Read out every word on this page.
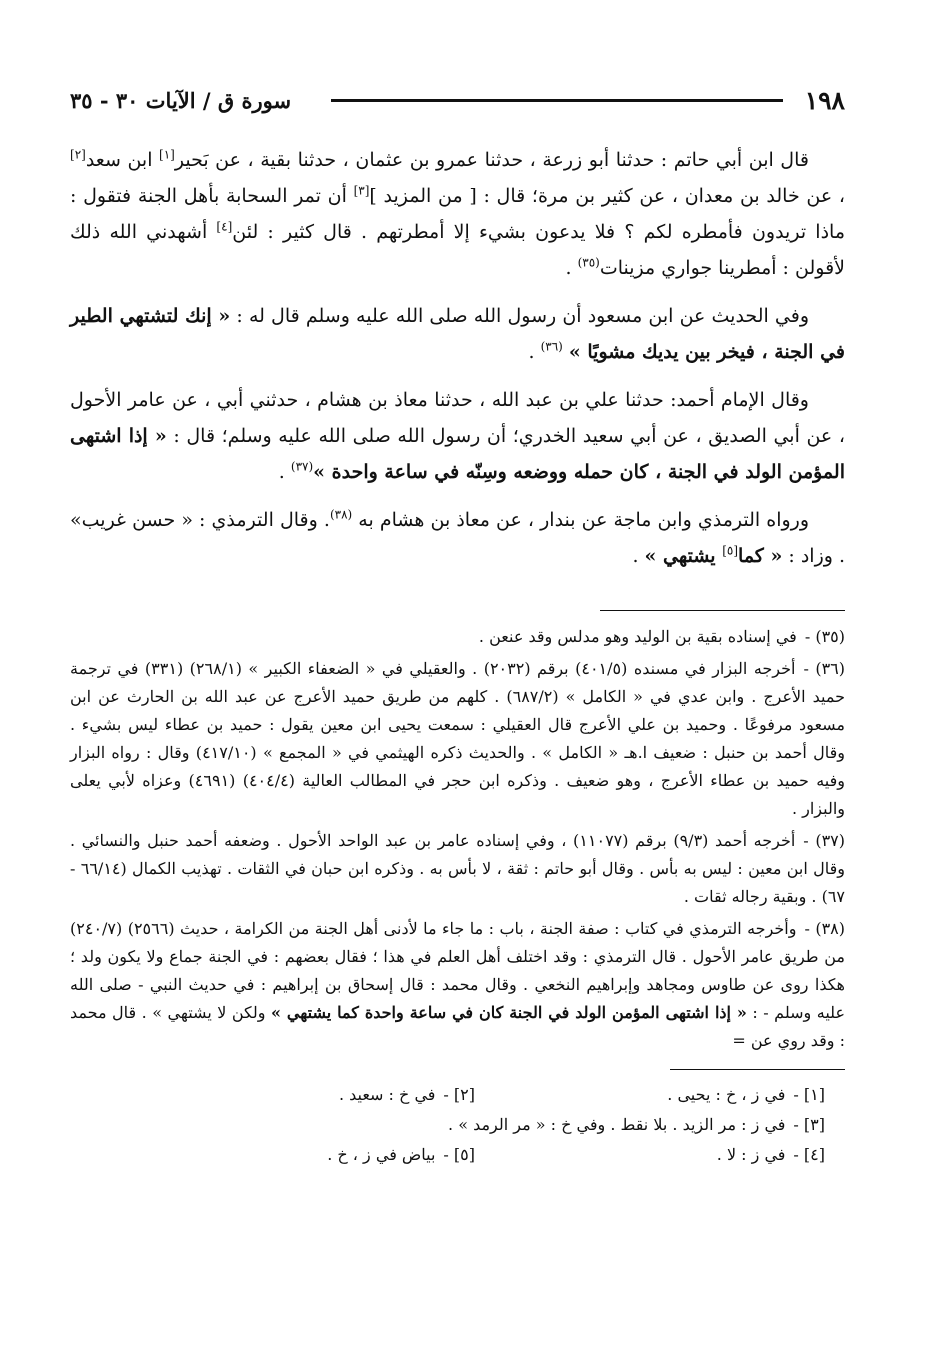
١٩٨
سورة ق / الآيات ٣٠ - ٣٥

قال ابن أبي حاتم : حدثنا أبو زرعة ، حدثنا عمرو بن عثمان ، حدثنا بقية ، عن بَحير[١] ابن سعد[٢] ، عن خالد بن معدان ، عن كثير بن مرة؛ قال : [ من المزيد ][٣] أن تمر السحابة بأهل الجنة فتقول : ماذا تريدون فأمطره لكم ؟ فلا يدعون بشيء إلا أمطرتهم . قال كثير : لئن[٤] أشهدني الله ذلك لأقولن : أمطرينا جواري مزينات$^{(٣٥)}$ .

وفي الحديث عن ابن مسعود أن رسول الله صلى الله عليه وسلم قال له : « إنك لتشتهي الطير في الجنة ، فيخر بين يديك مشويًا » $^{(٣٦)}$ .

وقال الإمام أحمد: حدثنا علي بن عبد الله ، حدثنا معاذ بن هشام ، حدثني أبي ، عن عامر الأحول ، عن أبي الصديق ، عن أبي سعيد الخدري؛ أن رسول الله صلى الله عليه وسلم؛ قال : « إذا اشتهى المؤمن الولد في الجنة ، كان حمله ووضعه وسِنّه في ساعة واحدة »$^{(٣٧)}$ .

ورواه الترمذي وابن ماجة عن بندار ، عن معاذ بن هشام به $^{(٣٨)}$. وقال الترمذي : « حسن غريب» . وزاد : « كما[٥] يشتهي » .

(٣٥) -في إسناده بقية بن الوليد وهو مدلس وقد عنعن .

(٣٦) -أخرجه البزار في مسنده (٤٠١/٥) برقم (٢٠٣٢) . والعقيلي في « الضعفاء الكبير » (٢٦٨/١) (٣٣١) في ترجمة حميد الأعرج . وابن عدي في « الكامل » (٦٨٧/٢) . كلهم من طريق حميد الأعرج عن عبد الله بن الحارث عن ابن مسعود مرفوعًا . وحميد بن علي الأعرج قال العقيلي : سمعت يحيى ابن معين يقول : حميد بن عطاء ليس بشيء . وقال أحمد بن حنبل : ضعيف ا.هـ « الكامل » . والحديث ذكره الهيثمي في « المجمع » (٤١٧/١٠) وقال : رواه البزار وفيه حميد بن عطاء الأعرج ، وهو ضعيف . وذكره ابن حجر في المطالب العالية (٤٠٤/٤) (٤٦٩١) وعزاه لأبي يعلى والبزار .

(٣٧) -أخرجه أحمد (٩/٣) برقم (١١٠٧٧) ، وفي إسناده عامر بن عبد الواحد الأحول . وضعفه أحمد حنبل والنسائي . وقال ابن معين : ليس به بأس . وقال أبو حاتم : ثقة ، لا بأس به . وذكره ابن حبان في الثقات . تهذيب الكمال (٦٦/١٤ - ٦٧) . وبقية رجاله ثقات .

(٣٨) -وأخرجه الترمذي في كتاب : صفة الجنة ، باب : ما جاء ما لأدنى أهل الجنة من الكرامة ، حديث (٢٥٦٦) (٢٤٠/٧) من طريق عامر الأحول . قال الترمذي : وقد اختلف أهل العلم في هذا ؛ فقال بعضهم : في الجنة جماع ولا يكون ولد ؛ هكذا روى عن طاوس ومجاهد وإبراهيم النخعي . وقال محمد : قال إسحاق بن إبراهيم : في حديث النبي - صلى الله عليه وسلم - : « إذا اشتهى المؤمن الولد في الجنة كان في ساعة واحدة كما يشتهي » ولكن لا يشتهي » . قال محمد : وقد روي عن =

[١] -في ز ، خ : يحيى .
[٢] -في خ : سعيد .
[٣] -في ز : مر الزيد . بلا نقط . وفي خ : « مر الرمد » .
[٤] -في ز : لا .
[٥] -بياض في ز ، خ .
